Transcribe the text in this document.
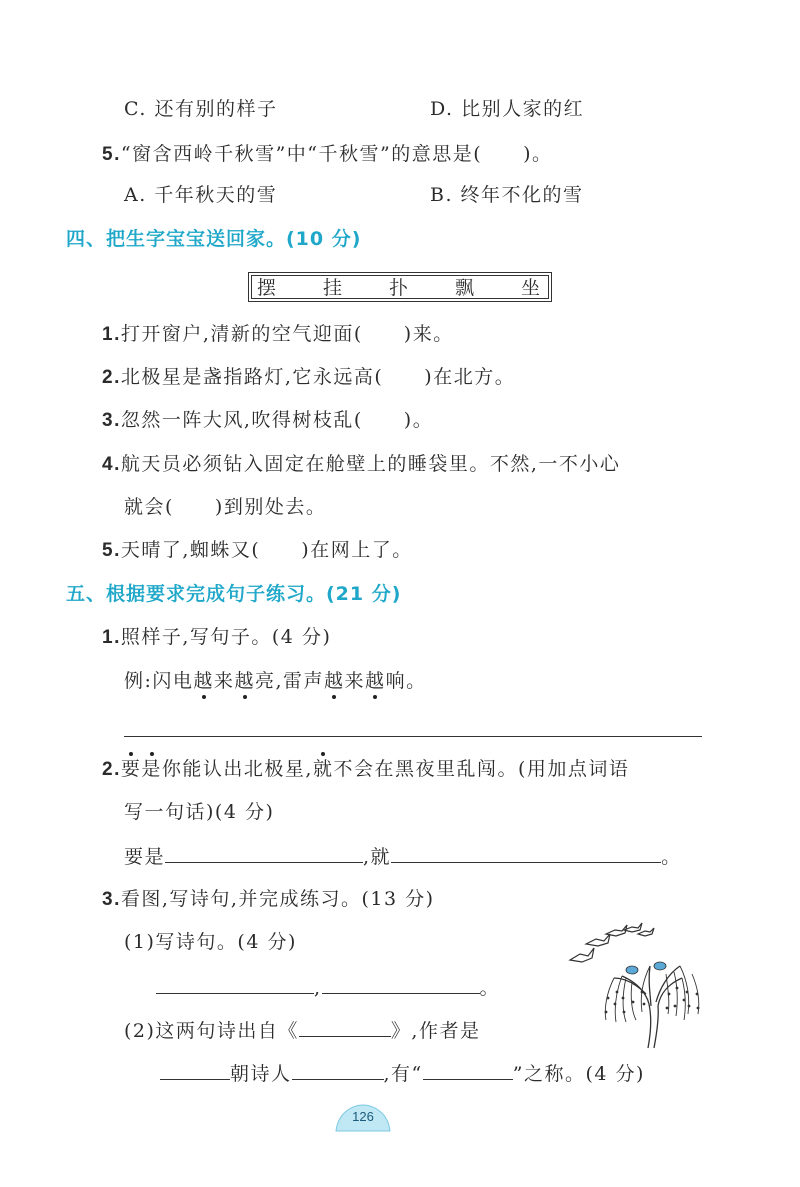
C. 还有别的样子	D. 比别人家的红
5.“窗含西岭千秋雪”中“千秋雪”的意思是(　　)。
A. 千年秋天的雪	B. 终年不化的雪
四、把生字宝宝送回家。(10 分)
摆 挂 扑 飘 坐
1.打开窗户,清新的空气迎面(　　)来。
2.北极星是盏指路灯,它永远高(　　)在北方。
3.忽然一阵大风,吹得树枝乱(　　)。
4.航天员必须钻入固定在舱壁上的睡袋里。不然,一不小心
就会(　　)到别处去。
5.天晴了,蜘蛛又(　　)在网上了。
五、根据要求完成句子练习。(21 分)
1.照样子,写句子。(4 分)
例:闪电越来越亮,雷声越来越响。
2.要是你能认出北极星,就不会在黑夜里乱闯。(用加点词语
写一句话)(4 分)
要是	,就	。
3.看图,写诗句,并完成练习。(13 分)
(1)写诗句。(4 分)
,	。
(2)这两句诗出自《	》,作者是
朝诗人	,有“	”之称。(4 分)
126
